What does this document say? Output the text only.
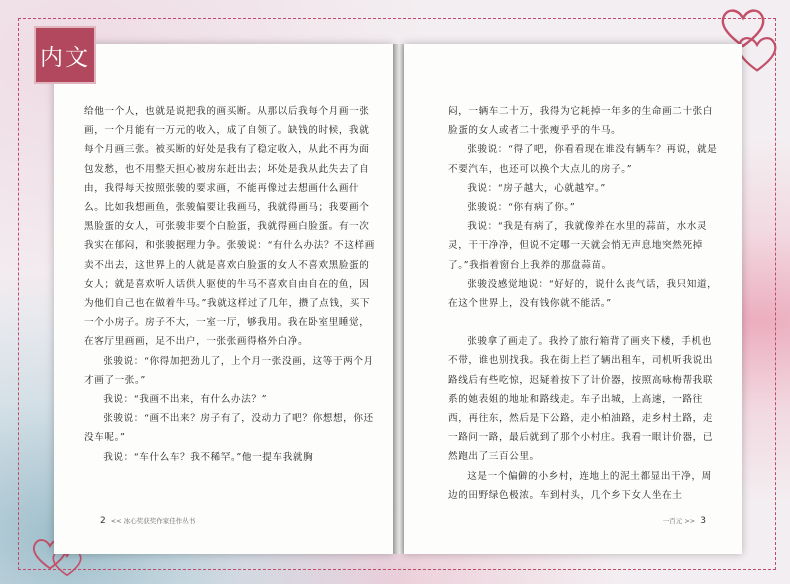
给他一个人，也就是说把我的画买断。从那以后我每个月画一张画，一个月能有一万元的收入，成了自领了。缺钱的时候，我就每个月画三张。被买断的好处是我有了稳定收入，从此不再为面包发愁，也不用整天担心被房东赶出去；坏处是我从此失去了自由，我得每天按照张骏的要求画，不能再像过去想画什么画什么。比如我想画鱼，张骏偏要让我画马，我就得画马；我要画个黑脸蛋的女人，可张骏非要个白脸蛋，我就得画白脸蛋。有一次我实在郁闷，和张骏据理力争。张骏说：“有什么办法？不这样画卖不出去，这世界上的人就是喜欢白脸蛋的女人不喜欢黑脸蛋的女人；就是喜欢听人话供人驱使的牛马不喜欢自由自在的鱼，因为他们自己也在做着牛马。”我就这样过了几年，攒了点钱，买下一个小房子。房子不大，一室一厅，够我用。我在卧室里睡觉，在客厅里画画，足不出户，一张张画得格外白净。

张骏说：“你得加把劲儿了，上个月一张没画，这等于两个月才画了一张。”

我说：“我画不出来，有什么办法？”

张骏说：“画不出来？房子有了，没动力了吧？你想想，你还没车呢。”

我说：“车什么车？我不稀罕。”他一提车我就胸

2 << 冰心奖获奖作家佳作丛书

闷，一辆车二十万，我得为它耗掉一年多的生命画二十张白脸蛋的女人或者二十张瘦乎乎的牛马。

张骏说：“得了吧，你看看现在谁没有辆车？再说，就是不要汽车，也还可以换个大点儿的房子。”

我说：“房子越大，心就越窄。”

张骏说：“你有病了你。”

我说：“我是有病了，我就像养在水里的蒜苗，水水灵灵，干干净净，但说不定哪一天就会悄无声息地突然死掉了。”我指着窗台上我养的那盘蒜苗。

张骏没感觉地说：“好好的，说什么丧气话，我只知道，在这个世界上，没有钱你就不能活。”

张骏拿了画走了。我拎了旅行箱背了画夹下楼，手机也不带，谁也别找我。我在街上拦了辆出租车，司机听我说出路线后有些吃惊，迟疑着按下了计价器，按照高咏梅帮我联系的她表姐的地址和路线走。车子出城，上高速，一路往西，再往东，然后是下公路，走小柏油路，走乡村土路，走一路问一路，最后就到了那个小村庄。我看一眼计价器，已然跑出了三百公里。

这是一个偏僻的小乡村，连地上的泥土都显出干净，周边的田野绿色极浓。车到村头，几个乡下女人坐在土

一百元 >> 3
内文
